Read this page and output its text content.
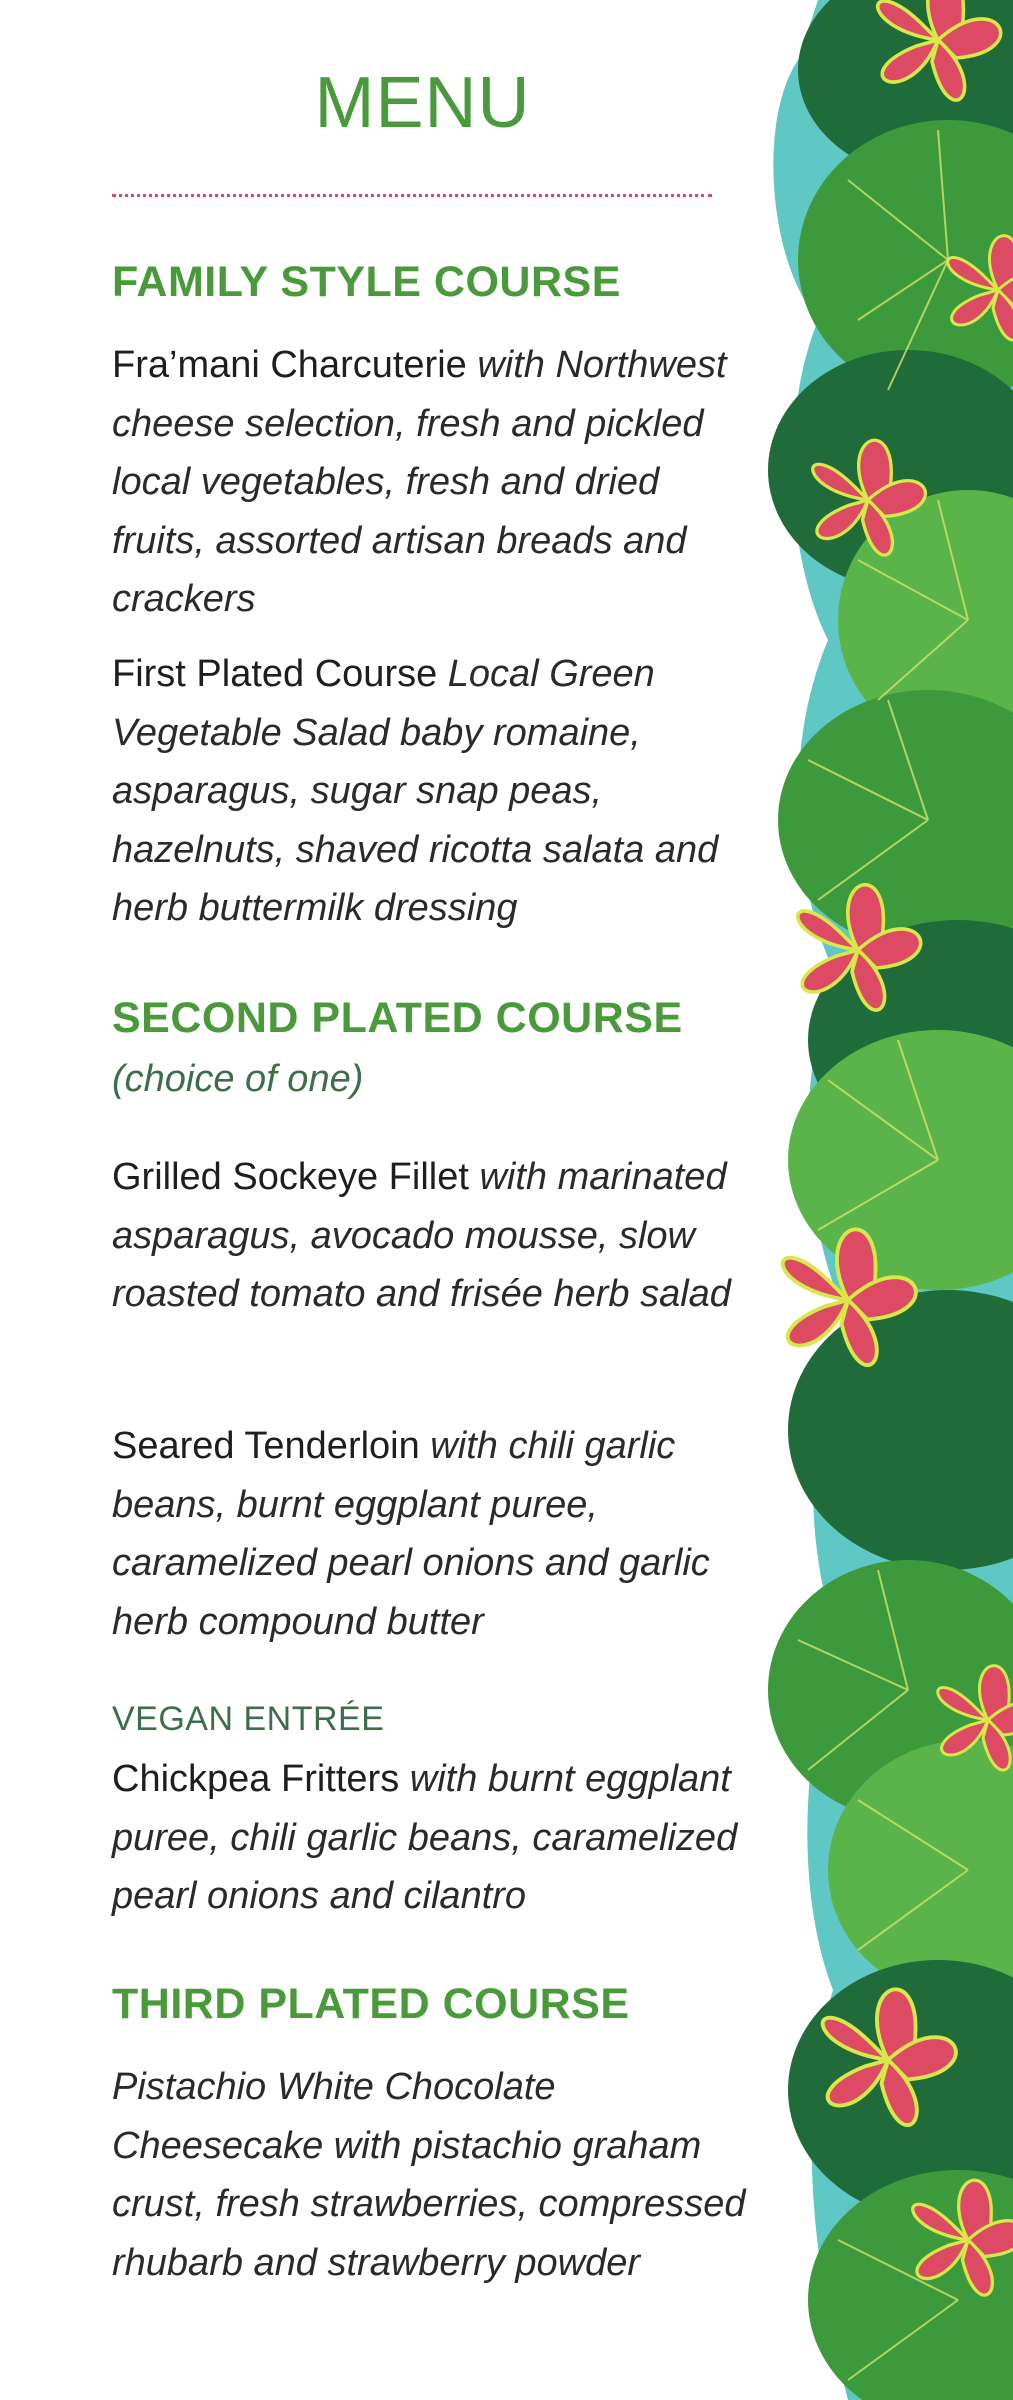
MENU
FAMILY STYLE COURSE
Fra’mani Charcuterie with Northwest cheese selection, fresh and pickled local vegetables, fresh and dried fruits, assorted artisan breads and crackers
First Plated Course Local Green Vegetable Salad baby romaine, asparagus, sugar snap peas, hazelnuts, shaved ricotta salata and herb buttermilk dressing
SECOND PLATED COURSE
(choice of one)
Grilled Sockeye Fillet with marinated asparagus, avocado mousse, slow roasted tomato and frisée herb salad
Seared Tenderloin with chili garlic beans, burnt eggplant puree, caramelized pearl onions and garlic herb compound butter
VEGAN ENTRÉE
Chickpea Fritters with burnt eggplant puree, chili garlic beans, caramelized pearl onions and cilantro
THIRD PLATED COURSE
Pistachio White Chocolate Cheesecake with pistachio graham crust, fresh strawberries, compressed rhubarb and strawberry powder
